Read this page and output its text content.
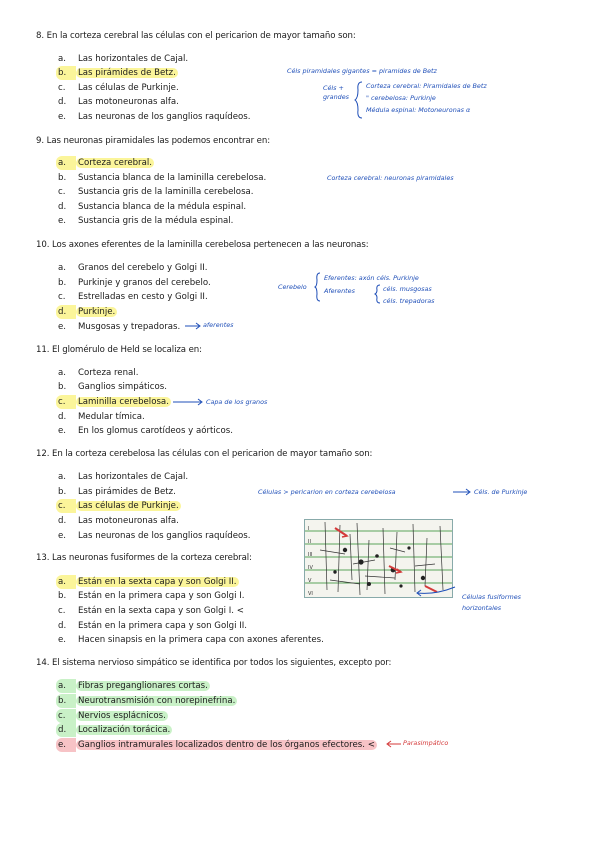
8. En la corteza cerebral las células con el pericarion de mayor tamaño son:
a. Las horizontales de Cajal.
b. Las pirámides de Betz.
c. Las células de Purkinje.
d. Las motoneuronas alfa.
e. Las neuronas de los ganglios raquídeos.
9. Las neuronas piramidales las podemos encontrar en:
a. Corteza cerebral.
b. Sustancia blanca de la laminilla cerebelosa.
c. Sustancia gris de la laminilla cerebelosa.
d. Sustancia blanca de la médula espinal.
e. Sustancia gris de la médula espinal.
10. Los axones eferentes de la laminilla cerebelosa pertenecen a las neuronas:
a. Granos del cerebelo y Golgi II.
b. Purkinje y granos del cerebelo.
c. Estrelladas en cesto y Golgi II.
d. Purkinje.
e. Musgosas y trepadoras.
11. El glomérulo de Held se localiza en:
a. Corteza renal.
b. Ganglios simpáticos.
c. Laminilla cerebelosa.
d. Medular tímica.
e. En los glomus carotídeos y aórticos.
12. En la corteza cerebelosa las células con el pericarion de mayor tamaño son:
a. Las horizontales de Cajal.
b. Las pirámides de Betz.
c. Las células de Purkinje.
d. Las motoneuronas alfa.
e. Las neuronas de los ganglios raquídeos.
13. Las neuronas fusiformes de la corteza cerebral:
a. Están en la sexta capa y son Golgi II.
b. Están en la primera capa y son Golgi I.
c. Están en la sexta capa y son Golgi I. <
d. Están en la primera capa y son Golgi II.
e. Hacen sinapsis en la primera capa con axones aferentes.
14. El sistema nervioso simpático se identifica por todos los siguientes, excepto por:
a. Fibras preganglionares cortas.
b. Neurotransmisión con norepinefrina.
c. Nervios esplácnicos.
d. Localización torácica.
e. Ganglios intramurales localizados dentro de los órganos efectores. <
Céls piramidales gigantes = piramides de Betz
Céls +
grandes
Corteza cerebral: Piramidales de Betz
" cerebelosa: Purkinje
Médula espinal: Motoneuronas α
Corteza cerebral: neuronas piramidales
Cerebelo
Eferentes: axón céls. Purkinje
Aferentes	céls. musgosas
céls. trepadoras
aferentes
Capa de los granos
Células > pericarion en corteza cerebelosa	Céls. de Purkinje
I
II
III
IV
V
VI	Células fusiformes
horizontales
Parasimpático
